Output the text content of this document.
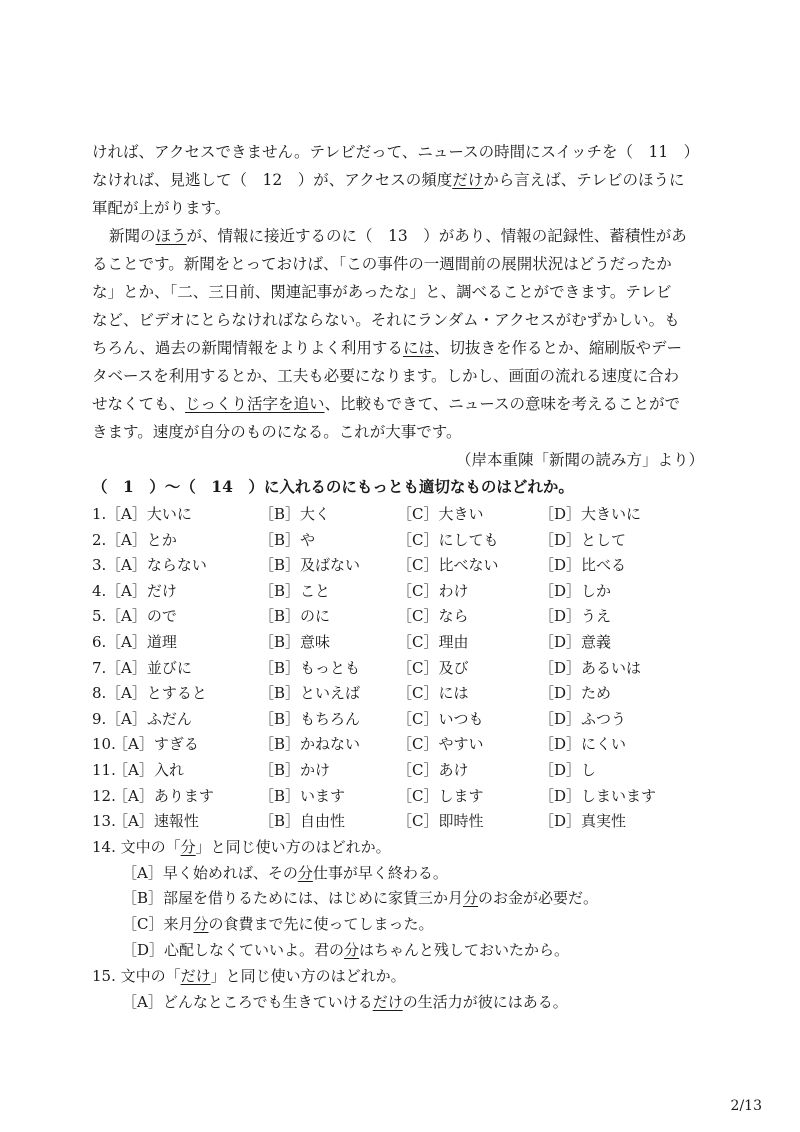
ければ、アクセスできません。テレビだって、ニュースの時間にスイッチを（　11　）
なければ、見逃して（　12　）が、アクセスの頻度だけから言えば、テレビのほうに
軍配が上がります。
新聞のほうが、情報に接近するのに（　13　）があり、情報の記録性、蓄積性があ
ることです。新聞をとっておけば、「この事件の一週間前の展開状況はどうだったか
な」とか、「二、三日前、関連記事があったな」と、調べることができます。テレビ
など、ビデオにとらなければならない。それにランダム・アクセスがむずかしい。も
ちろん、過去の新聞情報をよりよく利用するには、切抜きを作るとか、縮刷版やデー
タベースを利用するとか、工夫も必要になります。しかし、画面の流れる速度に合わ
せなくても、じっくり活字を追い、比較もできて、ニュースの意味を考えることがで
きます。速度が自分のものになる。これが大事です。
（岸本重陳「新聞の読み方」より）
（　1　）～（　14　）に入れるのにもっとも適切なものはどれか。
1. ［A］大いに	［B］大く	［C］大きい	［D］大きいに
2. ［A］とか	［B］や	［C］にしても	［D］として
3. ［A］ならない	［B］及ばない ［C］比べない	［D］比べる
4. ［A］だけ	［B］こと	［C］わけ	［D］しか
5. ［A］ので	［B］のに	［C］なら	［D］うえ
6. ［A］道理	［B］意味	［C］理由	［D］意義
7. ［A］並びに	［B］もっとも ［C］及び	［D］あるいは
8. ［A］とすると	［B］といえば ［C］には	［D］ため
9. ［A］ふだん	［B］もちろん ［C］いつも	［D］ふつう
10.
［A］すぎる	［B］かねない ［C］やすい	［D］にくい
11.
［A］入れ	［B］かけ	［C］あけ	［D］し
12.
［A］あります	［B］います	［C］します	［D］しまいます
13.
［A］速報性	［B］自由性	［C］即時性	［D］真実性
14. 文中の「分」と同じ使い方のはどれか。
［A］早く始めれば、その分仕事が早く終わる。
［B］部屋を借りるためには、はじめに家賃三か月分のお金が必要だ。
［C］来月分の食費まで先に使ってしまった。
［D］心配しなくていいよ。君の分はちゃんと残しておいたから。
15. 文中の「だけ」と同じ使い方のはどれか。
［A］どんなところでも生きていけるだけの生活力が彼にはある。
2/13
